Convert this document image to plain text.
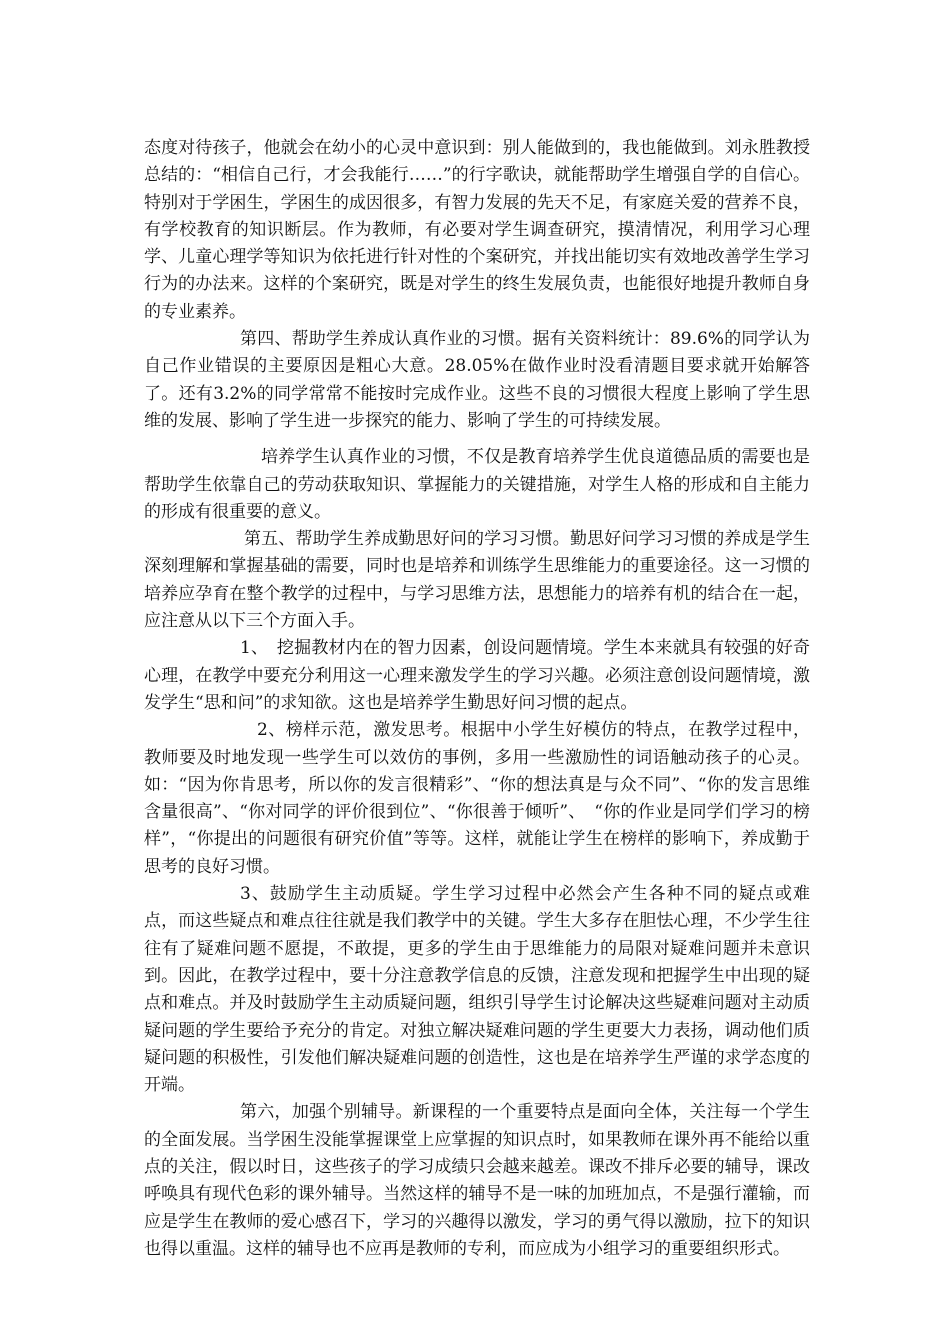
态度对待孩子，他就会在幼小的心灵中意识到：别人能做到的，我也能做到。刘永胜教授总结的：“相信自己行，才会我能行……”的行字歌诀，就能帮助学生增强自学的自信心。特别对于学困生，学困生的成因很多，有智力发展的先天不足，有家庭关爱的营养不良，有学校教育的知识断层。作为教师，有必要对学生调查研究，摸清情况，利用学习心理学、儿童心理学等知识为依托进行针对性的个案研究，并找出能切实有效地改善学生学习行为的办法来。这样的个案研究，既是对学生的终生发展负责，也能很好地提升教师自身的专业素养。

第四、帮助学生养成认真作业的习惯。据有关资料统计：89.6%的同学认为自己作业错误的主要原因是粗心大意。28.05%在做作业时没看清题目要求就开始解答了。还有3.2%的同学常常不能按时完成作业。这些不良的习惯很大程度上影响了学生思维的发展、影响了学生进一步探究的能力、影响了学生的可持续发展。

培养学生认真作业的习惯，不仅是教育培养学生优良道德品质的需要也是帮助学生依靠自己的劳动获取知识、掌握能力的关键措施，对学生人格的形成和自主能力的形成有很重要的意义。

第五、帮助学生养成勤思好问的学习习惯。勤思好问学习习惯的养成是学生深刻理解和掌握基础的需要，同时也是培养和训练学生思维能力的重要途径。这一习惯的培养应孕育在整个教学的过程中，与学习思维方法，思想能力的培养有机的结合在一起，应注意从以下三个方面入手。

1、　挖掘教材内在的智力因素，创设问题情境。学生本来就具有较强的好奇心理，在教学中要充分利用这一心理来激发学生的学习兴趣。必须注意创设问题情境，激发学生“思和问”的求知欲。这也是培养学生勤思好问习惯的起点。

2、榜样示范，激发思考。根据中小学生好模仿的特点，在教学过程中，教师要及时地发现一些学生可以效仿的事例，多用一些激励性的词语触动孩子的心灵。如：“因为你肯思考，所以你的发言很精彩”、“你的想法真是与众不同”、“你的发言思维含量很高”、“你对同学的评价很到位”、“你很善于倾听”、　“你的作业是同学们学习的榜样”，“你提出的问题很有研究价值”等等。这样，就能让学生在榜样的影响下，养成勤于思考的良好习惯。

3、鼓励学生主动质疑。学生学习过程中必然会产生各种不同的疑点或难点，而这些疑点和难点往往就是我们教学中的关键。学生大多存在胆怯心理，不少学生往往有了疑难问题不愿提，不敢提，更多的学生由于思维能力的局限对疑难问题并未意识到。因此，在教学过程中，要十分注意教学信息的反馈，注意发现和把握学生中出现的疑点和难点。并及时鼓励学生主动质疑问题，组织引导学生讨论解决这些疑难问题对主动质疑问题的学生要给予充分的肯定。对独立解决疑难问题的学生更要大力表扬，调动他们质疑问题的积极性，引发他们解决疑难问题的创造性，这也是在培养学生严谨的求学态度的开端。

第六，加强个别辅导。新课程的一个重要特点是面向全体，关注每一个学生的全面发展。当学困生没能掌握课堂上应掌握的知识点时，如果教师在课外再不能给以重点的关注，假以时日，这些孩子的学习成绩只会越来越差。课改不排斥必要的辅导，课改呼唤具有现代色彩的课外辅导。当然这样的辅导不是一味的加班加点，不是强行灌输，而应是学生在教师的爱心感召下，学习的兴趣得以激发，学习的勇气得以激励，拉下的知识也得以重温。这样的辅导也不应再是教师的专利，而应成为小组学习的重要组织形式。
